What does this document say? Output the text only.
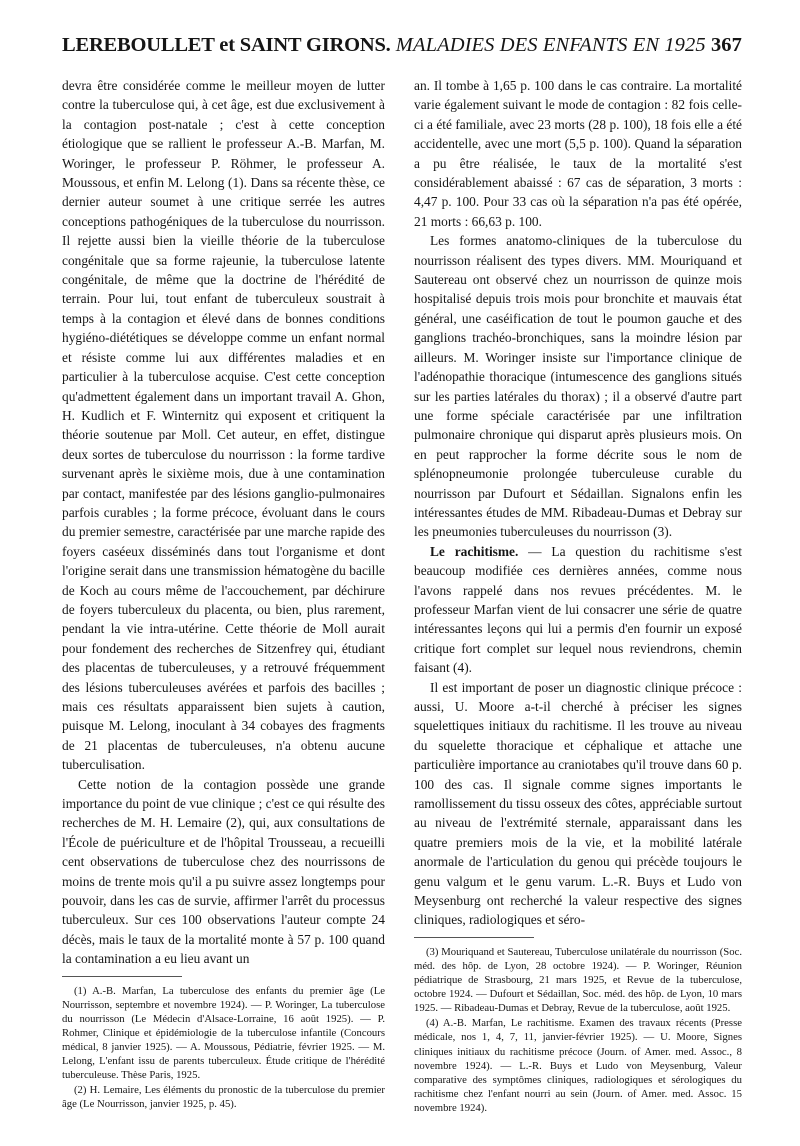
LEREBOULLET et SAINT GIRONS. MALADIES DES ENFANTS EN 1925 367

devra être considérée comme le meilleur moyen de lutter contre la tuberculose qui, à cet âge, est due exclusivement à la contagion post-natale ; c'est à cette conception étiologique que se rallient le professeur A.-B. Marfan, M. Woringer, le professeur P. Röhmer, le professeur A. Moussous, et enfin M. Lelong (1). Dans sa récente thèse, ce dernier auteur soumet à une critique serrée les autres conceptions pathogéniques de la tuberculose du nourrisson. Il rejette aussi bien la vieille théorie de la tuberculose congénitale que sa forme rajeunie, la tuberculose latente congénitale, de même que la doctrine de l'hérédité de terrain. Pour lui, tout enfant de tuberculeux soustrait à temps à la contagion et élevé dans de bonnes conditions hygiéno-diététiques se développe comme un enfant normal et résiste comme lui aux différentes maladies et en particulier à la tuberculose acquise. C'est cette conception qu'admettent également dans un important travail A. Ghon, H. Kudlich et F. Winternitz qui exposent et critiquent la théorie soutenue par Moll. Cet auteur, en effet, distingue deux sortes de tuberculose du nourrisson : la forme tardive survenant après le sixième mois, due à une contamination par contact, manifestée par des lésions ganglio-pulmonaires parfois curables ; la forme précoce, évoluant dans le cours du premier semestre, caractérisée par une marche rapide des foyers caséeux disséminés dans tout l'organisme et dont l'origine serait dans une transmission hématogène du bacille de Koch au cours même de l'accouchement, par déchirure de foyers tuberculeux du placenta, ou bien, plus rarement, pendant la vie intra-utérine. Cette théorie de Moll aurait pour fondement des recherches de Sitzenfrey qui, étudiant des placentas de tuberculeuses, y a retrouvé fréquemment des lésions tuberculeuses avérées et parfois des bacilles ; mais ces résultats apparaissent bien sujets à caution, puisque M. Lelong, inoculant à 34 cobayes des fragments de 21 placentas de tuberculeuses, n'a obtenu aucune tuberculisation.

Cette notion de la contagion possède une grande importance du point de vue clinique ; c'est ce qui résulte des recherches de M. H. Lemaire (2), qui, aux consultations de l'École de puériculture et de l'hôpital Trousseau, a recueilli cent observations de tuberculose chez des nourrissons de moins de trente mois qu'il a pu suivre assez longtemps pour pouvoir, dans les cas de survie, affirmer l'arrêt du processus tuberculeux. Sur ces 100 observations l'auteur compte 24 décès, mais le taux de la mortalité monte à 57 p. 100 quand la contamination a eu lieu avant un

(1) A.-B. Marfan, La tuberculose des enfants du premier âge (Le Nourrisson, septembre et novembre 1924). — P. Woringer, La tuberculose du nourrisson (Le Médecin d'Alsace-Lorraine, 16 août 1925). — P. Rohmer, Clinique et épidémiologie de la tuberculose infantile (Concours médical, 8 janvier 1925). — A. Moussous, Pédiatrie, février 1925. — M. Lelong, L'enfant issu de parents tuberculeux. Étude critique de l'hérédité tuberculeuse. Thèse Paris, 1925.

(2) H. Lemaire, Les éléments du pronostic de la tuberculose du premier âge (Le Nourrisson, janvier 1925, p. 45).

an. Il tombe à 1,65 p. 100 dans le cas contraire. La mortalité varie également suivant le mode de contagion : 82 fois celle-ci a été familiale, avec 23 morts (28 p. 100), 18 fois elle a été accidentelle, avec une mort (5,5 p. 100). Quand la séparation a pu être réalisée, le taux de la mortalité s'est considérablement abaissé : 67 cas de séparation, 3 morts : 4,47 p. 100. Pour 33 cas où la séparation n'a pas été opérée, 21 morts : 66,63 p. 100.

Les formes anatomo-cliniques de la tuberculose du nourrisson réalisent des types divers. MM. Mouriquand et Sautereau ont observé chez un nourrisson de quinze mois hospitalisé depuis trois mois pour bronchite et mauvais état général, une caséification de tout le poumon gauche et des ganglions trachéo-bronchiques, sans la moindre lésion par ailleurs. M. Woringer insiste sur l'importance clinique de l'adénopathie thoracique (intumescence des ganglions situés sur les parties latérales du thorax) ; il a observé d'autre part une forme spéciale caractérisée par une infiltration pulmonaire chronique qui disparut après plusieurs mois. On en peut rapprocher la forme décrite sous le nom de splénopneumonie prolongée tuberculeuse curable du nourrisson par Dufourt et Sédaillan. Signalons enfin les intéressantes études de MM. Ribadeau-Dumas et Debray sur les pneumonies tuberculeuses du nourrisson (3).

Le rachitisme. — La question du rachitisme s'est beaucoup modifiée ces dernières années, comme nous l'avons rappelé dans nos revues précédentes. M. le professeur Marfan vient de lui consacrer une série de quatre intéressantes leçons qui lui a permis d'en fournir un exposé critique fort complet sur lequel nous reviendrons, chemin faisant (4).

Il est important de poser un diagnostic clinique précoce : aussi, U. Moore a-t-il cherché à préciser les signes squelettiques initiaux du rachitisme. Il les trouve au niveau du squelette thoracique et céphalique et attache une particulière importance au craniotabes qu'il trouve dans 60 p. 100 des cas. Il signale comme signes importants le ramollissement du tissu osseux des côtes, appréciable surtout au niveau de l'extrémité sternale, apparaissant dans les quatre premiers mois de la vie, et la mobilité latérale anormale de l'articulation du genou qui précède toujours le genu valgum et le genu varum. L.-R. Buys et Ludo von Meysenburg ont recherché la valeur respective des signes cliniques, radiologiques et séro-

(3) Mouriquand et Sautereau, Tuberculose unilatérale du nourrisson (Soc. méd. des hôp. de Lyon, 28 octobre 1924). — P. Woringer, Réunion pédiatrique de Strasbourg, 21 mars 1925, et Revue de la tuberculose, octobre 1924. — Dufourt et Sédaillan, Soc. méd. des hôp. de Lyon, 10 mars 1925. — Ribadeau-Dumas et Debray, Revue de la tuberculose, août 1925.

(4) A.-B. Marfan, Le rachitisme. Examen des travaux récents (Presse médicale, nos 1, 4, 7, 11, janvier-février 1925). — U. Moore, Signes cliniques initiaux du rachitisme précoce (Journ. of Amer. med. Assoc., 8 novembre 1924). — L.-R. Buys et Ludo von Meysenburg, Valeur comparative des symptômes cliniques, radiologiques et sérologiques du rachitisme chez l'enfant nourri au sein (Journ. of Amer. med. Assoc. 15 novembre 1924).
